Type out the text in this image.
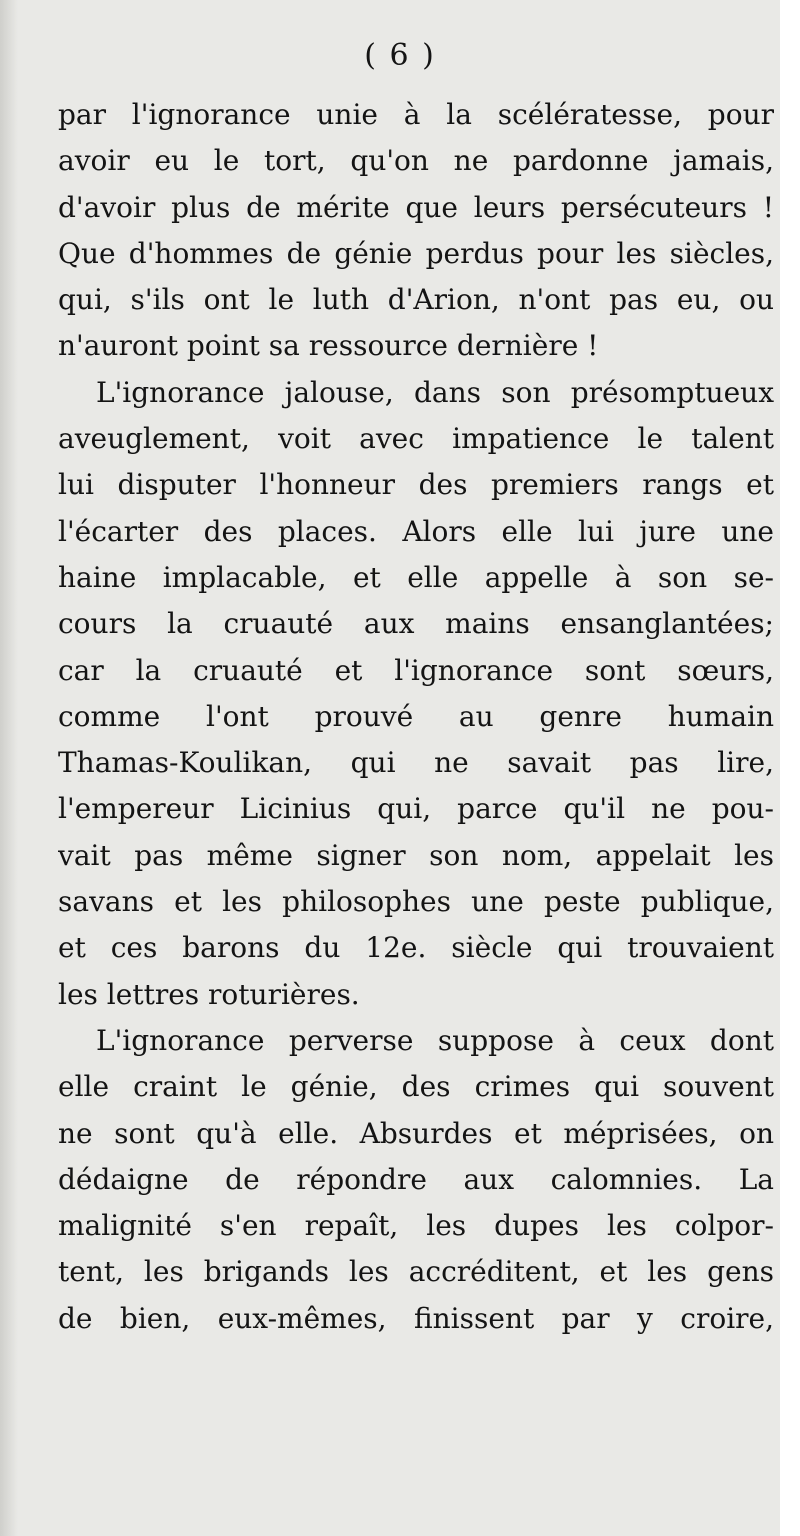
( 6 )
par l'ignorance unie à la scélératesse, pour
avoir eu le tort, qu'on ne pardonne jamais,
d'avoir plus de mérite que leurs persécuteurs !
Que d'hommes de génie perdus pour les siècles,
qui, s'ils ont le luth d'Arion, n'ont pas eu, ou
n'auront point sa ressource dernière !
L'ignorance jalouse, dans son présomptueux
aveuglement, voit avec impatience le talent
lui disputer l'honneur des premiers rangs et
l'écarter des places. Alors elle lui jure une
haine implacable, et elle appelle à son se-
cours la cruauté aux mains ensanglantées;
car la cruauté et l'ignorance sont sœurs,
comme l'ont prouvé au genre humain
Thamas-Koulikan, qui ne savait pas lire,
l'empereur Licinius qui, parce qu'il ne pou-
vait pas même signer son nom, appelait les
savans et les philosophes une peste publique,
et ces barons du 12e. siècle qui trouvaient
les lettres roturières.
L'ignorance perverse suppose à ceux dont
elle craint le génie, des crimes qui souvent
ne sont qu'à elle. Absurdes et méprisées, on
dédaigne de répondre aux calomnies. La
malignité s'en repaît, les dupes les colpor-
tent, les brigands les accréditent, et les gens
de bien, eux-mêmes, finissent par y croire,
